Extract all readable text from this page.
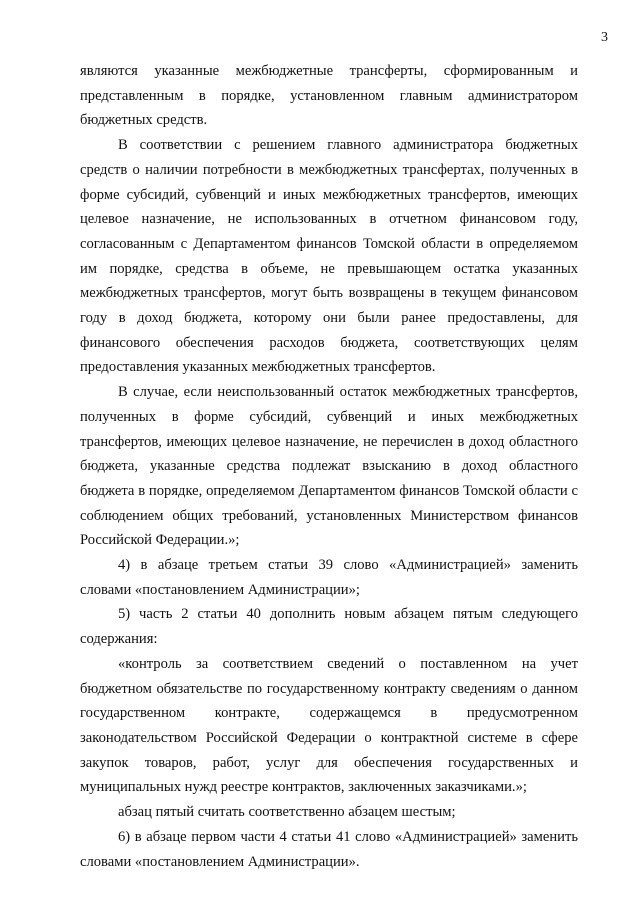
3

являются указанные межбюджетные трансферты, сформированным и представленным в порядке, установленном главным администратором бюджетных средств.

В соответствии с решением главного администратора бюджетных средств о наличии потребности в межбюджетных трансфертах, полученных в форме субсидий, субвенций и иных межбюджетных трансфертов, имеющих целевое назначение, не использованных в отчетном финансовом году, согласованным с Департаментом финансов Томской области в определяемом им порядке, средства в объеме, не превышающем остатка указанных межбюджетных трансфертов, могут быть возвращены в текущем финансовом году в доход бюджета, которому они были ранее предоставлены, для финансового обеспечения расходов бюджета, соответствующих целям предоставления указанных межбюджетных трансфертов.

В случае, если неиспользованный остаток межбюджетных трансфертов, полученных в форме субсидий, субвенций и иных межбюджетных трансфертов, имеющих целевое назначение, не перечислен в доход областного бюджета, указанные средства подлежат взысканию в доход областного бюджета в порядке, определяемом Департаментом финансов Томской области с соблюдением общих требований, установленных Министерством финансов Российской Федерации.»;

4) в абзаце третьем статьи 39 слово «Администрацией» заменить словами «постановлением Администрации»;

5) часть 2 статьи 40 дополнить новым абзацем пятым следующего содержания:

«контроль за соответствием сведений о поставленном на учет бюджетном обязательстве по государственному контракту сведениям о данном государственном контракте, содержащемся в предусмотренном законодательством Российской Федерации о контрактной системе в сфере закупок товаров, работ, услуг для обеспечения государственных и муниципальных нужд реестре контрактов, заключенных заказчиками.»;

абзац пятый считать соответственно абзацем шестым;

6) в абзаце первом части 4 статьи 41 слово «Администрацией» заменить словами «постановлением Администрации».
